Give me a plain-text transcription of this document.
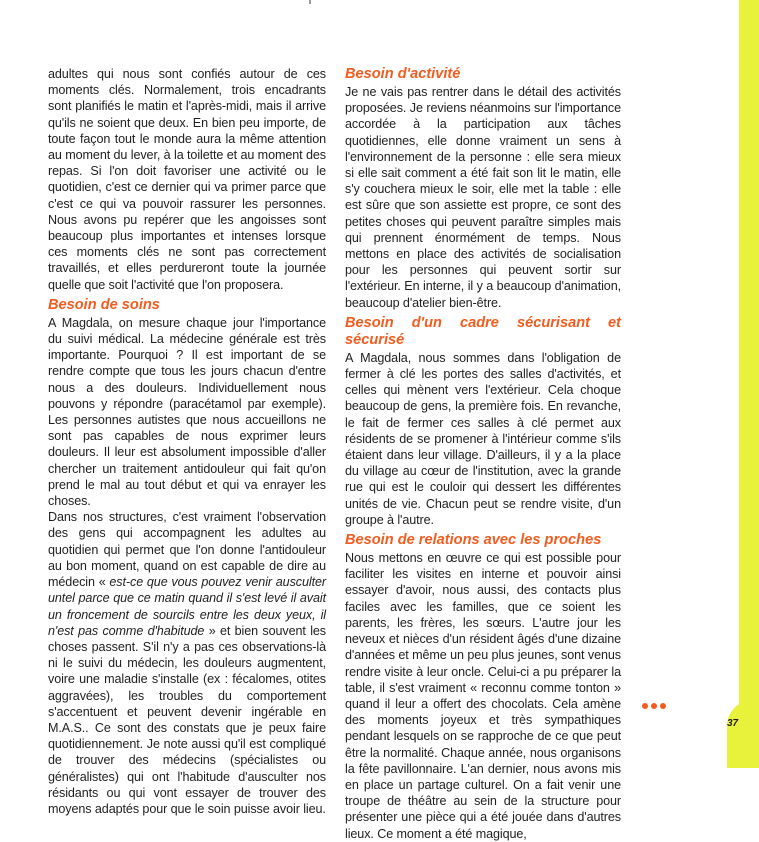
adultes qui nous sont confiés autour de ces moments clés. Normalement, trois encadrants sont planifiés le matin et l'après-midi, mais il arrive qu'ils ne soient que deux. En bien peu importe, de toute façon tout le monde aura la même attention au moment du lever, à la toilette et au moment des repas. Si l'on doit favoriser une activité ou le quotidien, c'est ce dernier qui va primer parce que c'est ce qui va pouvoir rassurer les personnes. Nous avons pu repérer que les angoisses sont beaucoup plus importantes et intenses lorsque ces moments clés ne sont pas correctement travaillés, et elles perdureront toute la journée quelle que soit l'activité que l'on proposera.

Besoin de soins

A Magdala, on mesure chaque jour l'importance du suivi médical. La médecine générale est très importante. Pourquoi ? Il est important de se rendre compte que tous les jours chacun d'entre nous a des douleurs. Individuellement nous pouvons y répondre (paracétamol par exemple). Les personnes autistes que nous accueillons ne sont pas capables de nous exprimer leurs douleurs. Il leur est absolument impossible d'aller chercher un traitement antidouleur qui fait qu'on prend le mal au tout début et qui va enrayer les choses.

Dans nos structures, c'est vraiment l'observation des gens qui accompagnent les adultes au quotidien qui permet que l'on donne l'antidouleur au bon moment, quand on est capable de dire au médecin « est-ce que vous pouvez venir ausculter untel parce que ce matin quand il s'est levé il avait un froncement de sourcils entre les deux yeux, il n'est pas comme d'habitude » et bien souvent les choses passent. S'il n'y a pas ces observations-là ni le suivi du médecin, les douleurs augmentent, voire une maladie s'installe (ex : fécalomes, otites aggravées), les troubles du comportement s'accentuent et peuvent devenir ingérable en M.A.S.. Ce sont des constats que je peux faire quotidiennement. Je note aussi qu'il est compliqué de trouver des médecins (spécialistes ou généralistes) qui ont l'habitude d'ausculter nos résidants ou qui vont essayer de trouver des moyens adaptés pour que le soin puisse avoir lieu.

Besoin d'activité

Je ne vais pas rentrer dans le détail des activités proposées. Je reviens néanmoins sur l'importance accordée à la participation aux tâches quotidiennes, elle donne vraiment un sens à l'environnement de la personne : elle sera mieux si elle sait comment a été fait son lit le matin, elle s'y couchera mieux le soir, elle met la table : elle est sûre que son assiette est propre, ce sont des petites choses qui peuvent paraître simples mais qui prennent énormément de temps. Nous mettons en place des activités de socialisation pour les personnes qui peuvent sortir sur l'extérieur. En interne, il y a beaucoup d'animation, beaucoup d'atelier bien-être.

Besoin d'un cadre sécurisant et sécurisé

A Magdala, nous sommes dans l'obligation de fermer à clé les portes des salles d'activités, et celles qui mènent vers l'extérieur. Cela choque beaucoup de gens, la première fois. En revanche, le fait de fermer ces salles à clé permet aux résidents de se promener à l'intérieur comme s'ils étaient dans leur village. D'ailleurs, il y a la place du village au cœur de l'institution, avec la grande rue qui est le couloir qui dessert les différentes unités de vie. Chacun peut se rendre visite, d'un groupe à l'autre.

Besoin de relations avec les proches

Nous mettons en œuvre ce qui est possible pour faciliter les visites en interne et pouvoir ainsi essayer d'avoir, nous aussi, des contacts plus faciles avec les familles, que ce soient les parents, les frères, les sœurs. L'autre jour les neveux et nièces d'un résident âgés d'une dizaine d'années et même un peu plus jeunes, sont venus rendre visite à leur oncle. Celui-ci a pu préparer la table, il s'est vraiment « reconnu comme tonton » quand il leur a offert des chocolats. Cela amène des moments joyeux et très sympathiques pendant lesquels on se rapproche de ce que peut être la normalité. Chaque année, nous organisons la fête pavillonnaire. L'an dernier, nous avons mis en place un partage culturel. On a fait venir une troupe de théâtre au sein de la structure pour présenter une pièce qui a été jouée dans d'autres lieux. Ce moment a été magique,

37
